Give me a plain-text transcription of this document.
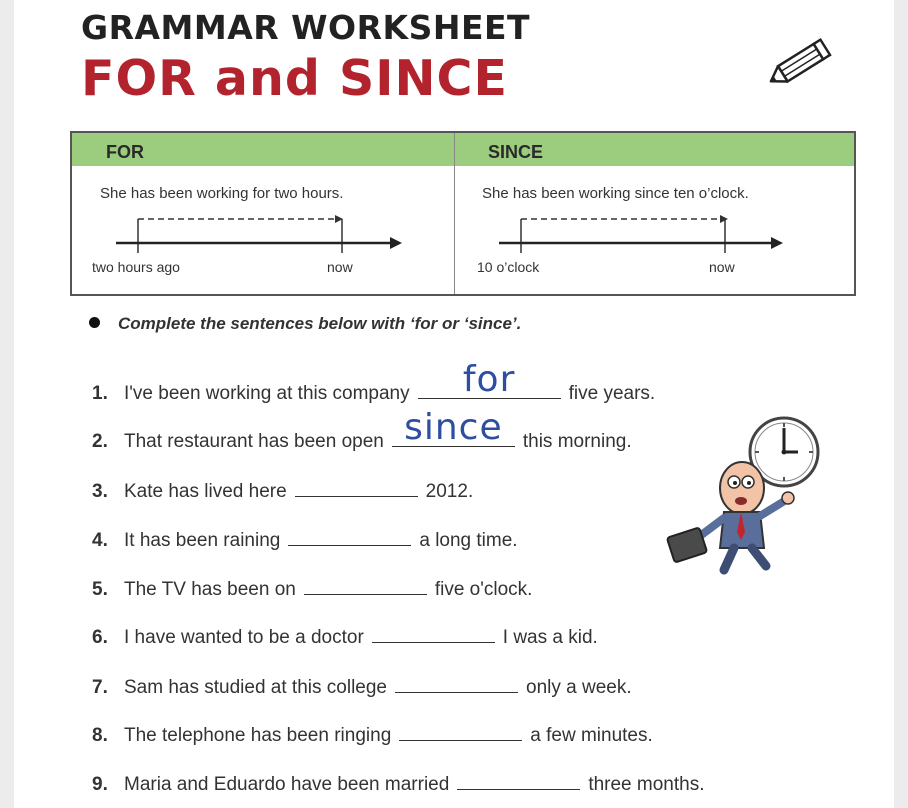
GRAMMAR WORKSHEET
FOR and SINCE
FOR
She has been working for two hours.
two hours ago	now
SINCE
She has been working since ten o’clock.
10 o’clock	now
Complete the sentences below with ‘for or ‘since’.
1. I've been working at this company	for	five years.
2. That restaurant has been open since	this morning.
3. Kate has lived here	2012.
4. It has been raining	a long time.
5. The TV has been on	five o'clock.
6. I have wanted to be a doctor	I was a kid.
7. Sam has studied at this college	only a week.
8. The telephone has been ringing	a few minutes.
9. Maria and Eduardo have been married	three months.
